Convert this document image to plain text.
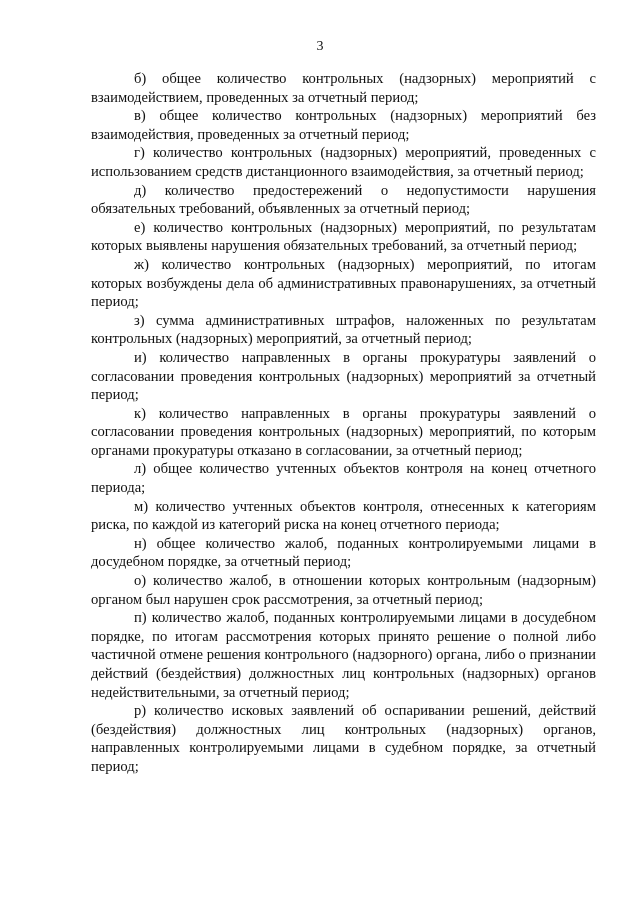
3

б) общее количество контрольных (надзорных) мероприятий с взаимодействием, проведенных за отчетный период;

в) общее количество контрольных (надзорных) мероприятий без взаимодействия, проведенных за отчетный период;

г) количество контрольных (надзорных) мероприятий, проведенных с использованием средств дистанционного взаимодействия, за отчетный период;

д) количество предостережений о недопустимости нарушения обязательных требований, объявленных за отчетный период;

е) количество контрольных (надзорных) мероприятий, по результатам которых выявлены нарушения обязательных требований, за отчетный период;

ж) количество контрольных (надзорных) мероприятий, по итогам которых возбуждены дела об административных правонарушениях, за отчетный период;

з) сумма административных штрафов, наложенных по результатам контрольных (надзорных) мероприятий, за отчетный период;

и) количество направленных в органы прокуратуры заявлений о согласовании проведения контрольных (надзорных) мероприятий за отчетный период;

к) количество направленных в органы прокуратуры заявлений о согласовании проведения контрольных (надзорных) мероприятий, по которым органами прокуратуры отказано в согласовании, за отчетный период;

л) общее количество учтенных объектов контроля на конец отчетного периода;

м) количество учтенных объектов контроля, отнесенных к категориям риска, по каждой из категорий риска на конец отчетного периода;

н) общее количество жалоб, поданных контролируемыми лицами в досудебном порядке, за отчетный период;

о) количество жалоб, в отношении которых контрольным (надзорным) органом был нарушен срок рассмотрения, за отчетный период;

п) количество жалоб, поданных контролируемыми лицами в досудебном порядке, по итогам рассмотрения которых принято решение о полной либо частичной отмене решения контрольного (надзорного) органа, либо о признании действий (бездействия) должностных лиц контрольных (надзорных) органов недействительными, за отчетный период;

р) количество исковых заявлений об оспаривании решений, действий (бездействия) должностных лиц контрольных (надзорных) органов, направленных контролируемыми лицами в судебном порядке, за отчетный период;
